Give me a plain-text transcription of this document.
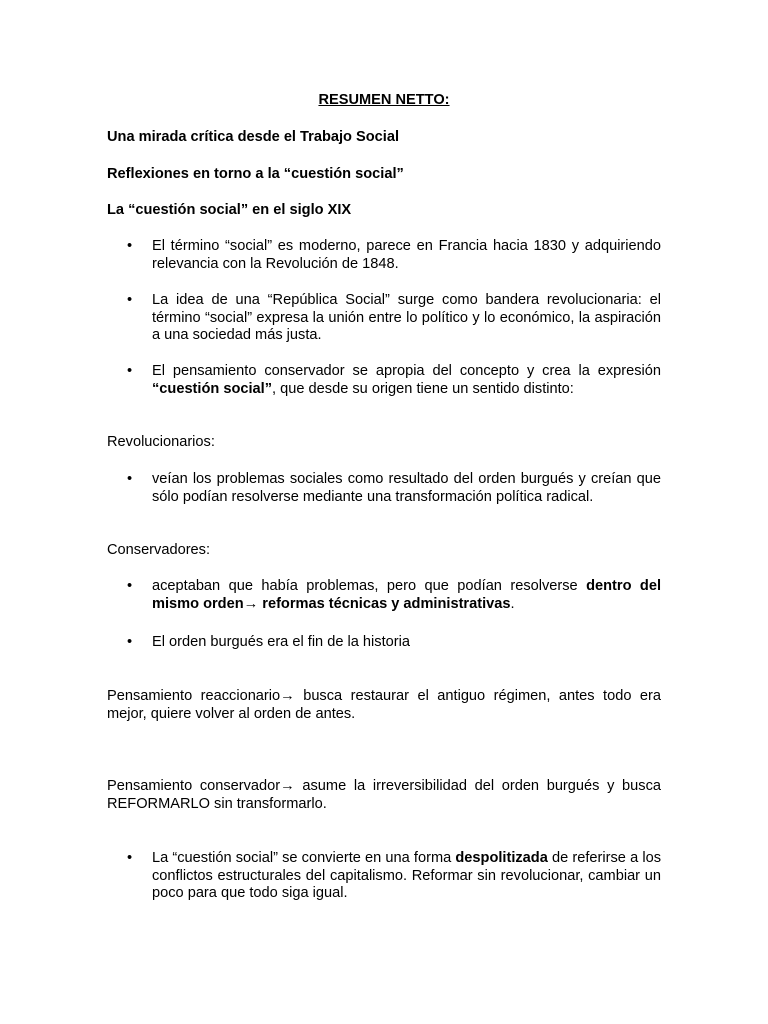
RESUMEN NETTO:

Una mirada crítica desde el Trabajo Social

Reflexiones en torno a la “cuestión social”

La “cuestión social” en el siglo XIX

• El término “social” es moderno, parece en Francia hacia 1830 y adquiriendo relevancia con la Revolución de 1848.
• La idea de una “República Social” surge como bandera revolucionaria: el término “social” expresa la unión entre lo político y lo económico, la aspiración a una sociedad más justa.
• El pensamiento conservador se apropia del concepto y crea la expresión “cuestión social”, que desde su origen tiene un sentido distinto:

Revolucionarios:

• veían los problemas sociales como resultado del orden burgués y creían que sólo podían resolverse mediante una transformación política radical.

Conservadores:

• aceptaban que había problemas, pero que podían resolverse dentro del mismo orden→ reformas técnicas y administrativas.
• El orden burgués era el fin de la historia

Pensamiento reaccionario→ busca restaurar el antiguo régimen, antes todo era mejor, quiere volver al orden de antes.

Pensamiento conservador→ asume la irreversibilidad del orden burgués y busca REFORMARLO sin transformarlo.

• La “cuestión social” se convierte en una forma despolitizada de referirse a los conflictos estructurales del capitalismo. Reformar sin revolucionar, cambiar un poco para que todo siga igual.
